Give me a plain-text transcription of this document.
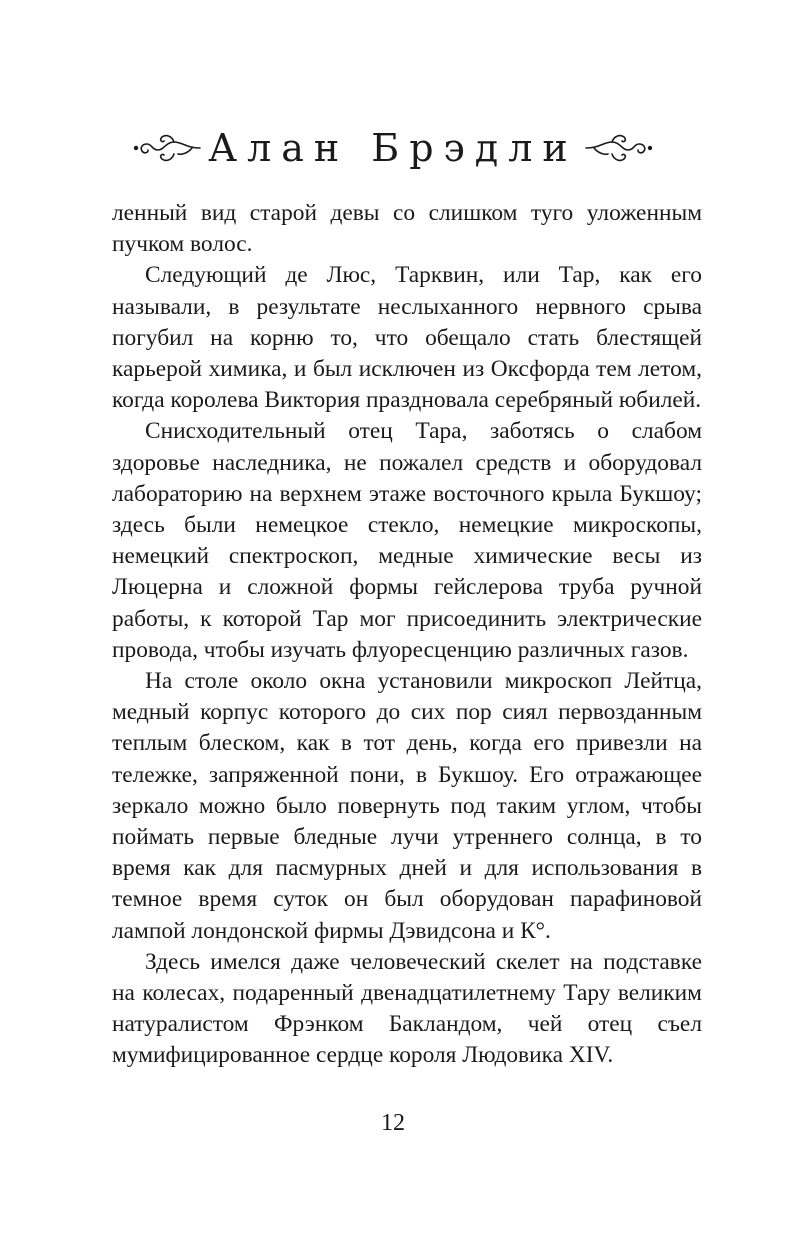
Алан Брэдли

ленный вид старой девы со слишком туго уложенным пучком волос.

Следующий де Люс, Тарквин, или Тар, как его называли, в результате неслыханного нервного срыва погубил на корню то, что обещало стать блестящей карьерой химика, и был исключен из Оксфорда тем летом, когда королева Виктория праздновала серебряный юбилей.

Снисходительный отец Тара, заботясь о слабом здоровье наследника, не пожалел средств и оборудовал лабораторию на верхнем этаже восточного крыла Букшоу; здесь были немецкое стекло, немецкие микроскопы, немецкий спектроскоп, медные химические весы из Люцерна и сложной формы гейслерова труба ручной работы, к которой Тар мог присоединить электрические провода, чтобы изучать флуоресценцию различных газов.

На столе около окна установили микроскоп Лейтца, медный корпус которого до сих пор сиял первозданным теплым блеском, как в тот день, когда его привезли на тележке, запряженной пони, в Букшоу. Его отражающее зеркало можно было повернуть под таким углом, чтобы поймать первые бледные лучи утреннего солнца, в то время как для пасмурных дней и для использования в темное время суток он был оборудован парафиновой лампой лондонской фирмы Дэвидсона и К°.

Здесь имелся даже человеческий скелет на подставке на колесах, подаренный двенадцатилетнему Тару великим натуралистом Фрэнком Бакландом, чей отец съел мумифицированное сердце короля Людовика XIV.

12
